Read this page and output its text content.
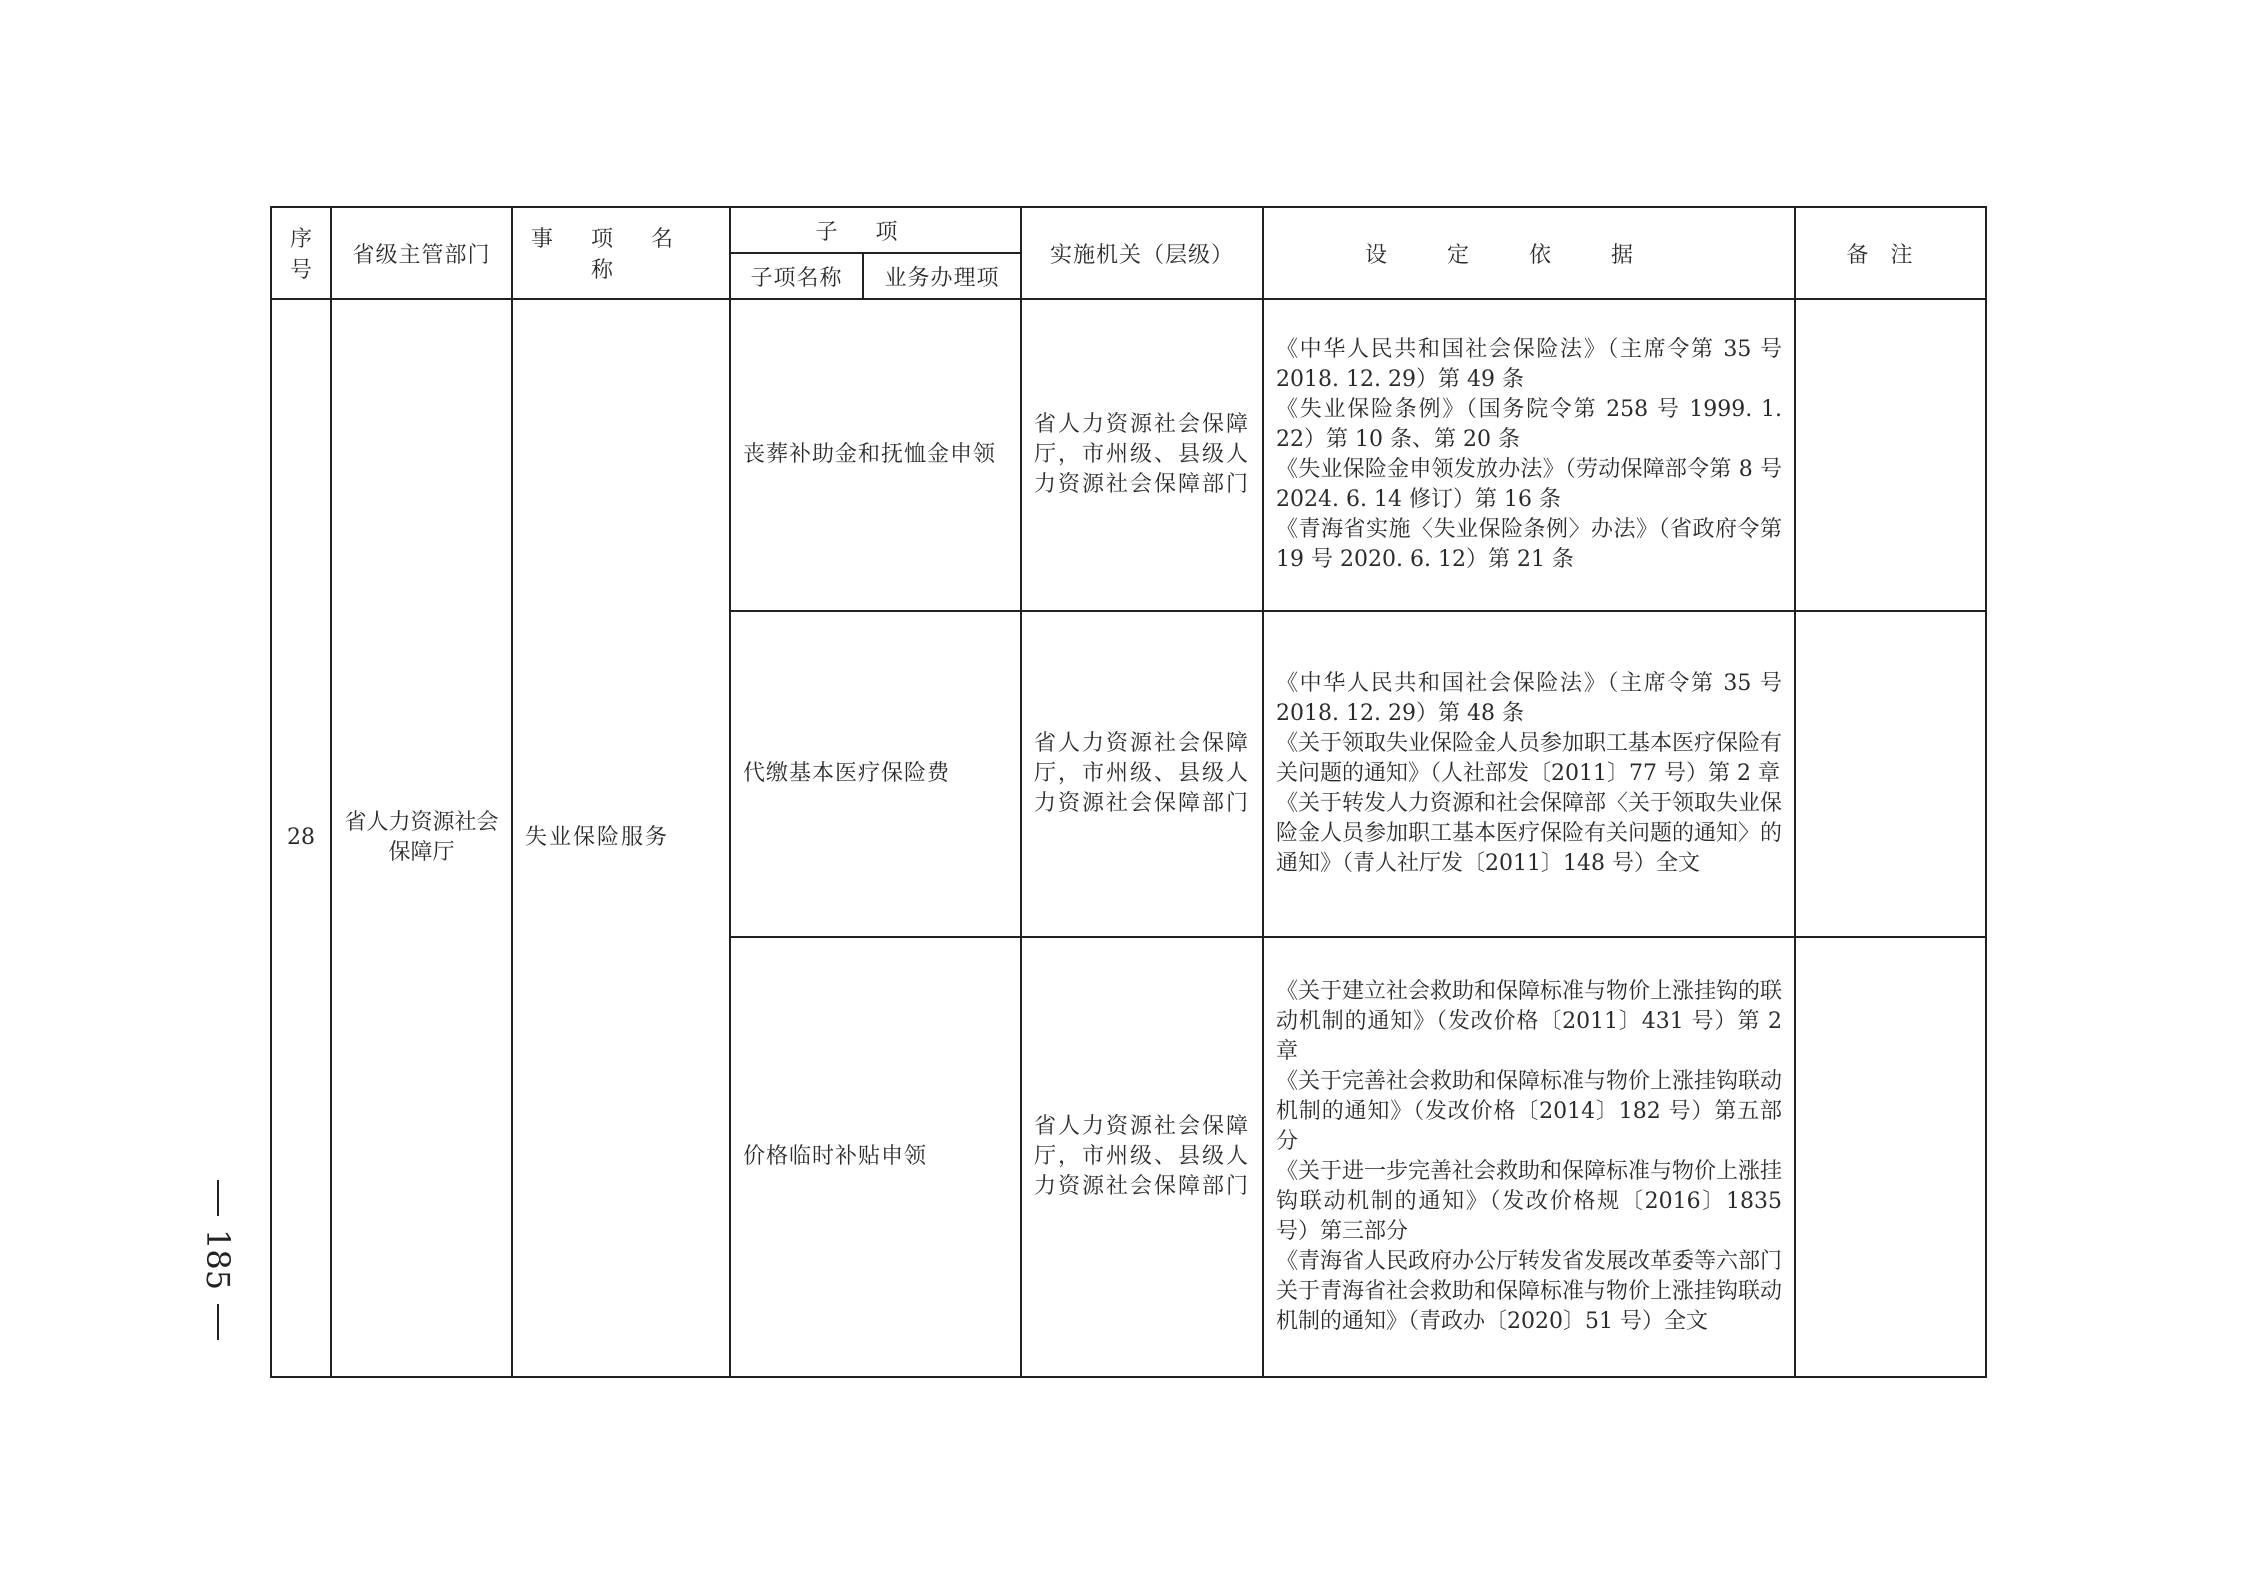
序号	省级主管部门	事项名称	子项		实施机关（层级）	设定依据	备注
			子项名称	业务办理项			
28	省人力资源社会保障厅	失业保险服务	丧葬补助金和抚恤金申领		省人力资源社会保障厅，市州级、县级人力资源社会保障部门	《中华人民共和国社会保险法》（主席令第 35 号 2018. 12. 29）第 49 条
《失业保险条例》（国务院令第 258 号 1999. 1. 22）第 10 条、第 20 条
《失业保险金申领发放办法》（劳动保障部令第 8 号 2024. 6. 14 修订）第 16 条
《青海省实施〈失业保险条例〉办法》（省政府令第 19 号 2020. 6. 12）第 21 条	

			代缴基本医疗保险费		省人力资源社会保障厅，市州级、县级人力资源社会保障部门	《中华人民共和国社会保险法》（主席令第 35 号 2018. 12. 29）第 48 条
《关于领取失业保险金人员参加职工基本医疗保险有关问题的通知》（人社部发〔2011〕77 号）第 2 章
《关于转发人力资源和社会保障部〈关于领取失业保险金人员参加职工基本医疗保险有关问题的通知〉的通知》（青人社厅发〔2011〕148 号）全文	

			价格临时补贴申领		省人力资源社会保障厅，市州级、县级人力资源社会保障部门	《关于建立社会救助和保障标准与物价上涨挂钩的联动机制的通知》（发改价格〔2011〕431 号）第 2 章
《关于完善社会救助和保障标准与物价上涨挂钩联动机制的通知》（发改价格〔2014〕182 号）第五部分
《关于进一步完善社会救助和保障标准与物价上涨挂钩联动机制的通知》（发改价格规〔2016〕1835 号）第三部分
《青海省人民政府办公厅转发省发展改革委等六部门关于青海省社会救助和保障标准与物价上涨挂钩联动机制的通知》（青政办〔2020〕51 号）全文	

185
